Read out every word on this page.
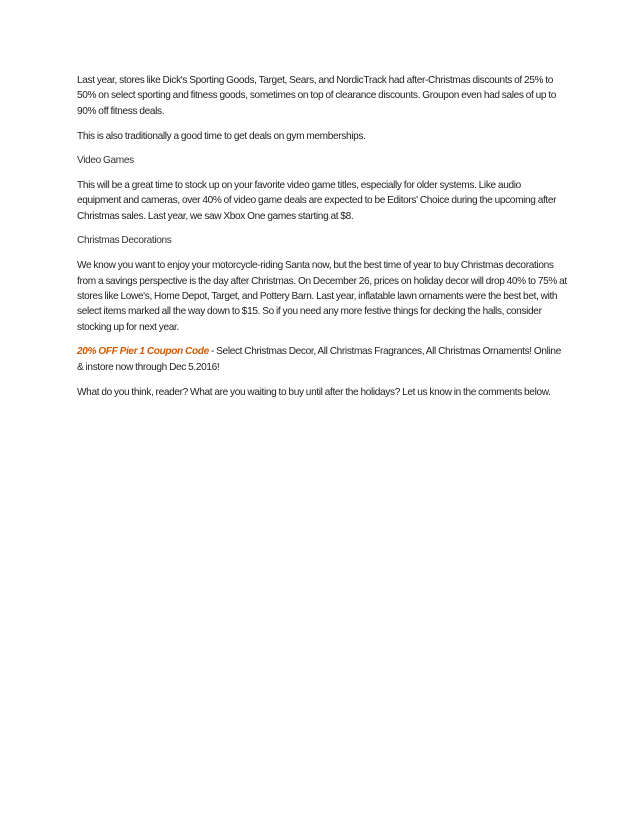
Last year, stores like Dick's Sporting Goods, Target, Sears, and NordicTrack had after-Christmas discounts of 25% to 50% on select sporting and fitness goods, sometimes on top of clearance discounts. Groupon even had sales of up to 90% off fitness deals.

This is also traditionally a good time to get deals on gym memberships.

Video Games

This will be a great time to stock up on your favorite video game titles, especially for older systems. Like audio equipment and cameras, over 40% of video game deals are expected to be Editors' Choice during the upcoming after Christmas sales. Last year, we saw Xbox One games starting at $8.

Christmas Decorations

We know you want to enjoy your motorcycle-riding Santa now, but the best time of year to buy Christmas decorations from a savings perspective is the day after Christmas. On December 26, prices on holiday decor will drop 40% to 75% at stores like Lowe's, Home Depot, Target, and Pottery Barn. Last year, inflatable lawn ornaments were the best bet, with select items marked all the way down to $15. So if you need any more festive things for decking the halls, consider stocking up for next year.

20% OFF Pier 1 Coupon Code - Select Christmas Decor, All Christmas Fragrances, All Christmas Ornaments! Online & instore now through Dec 5.2016!

What do you think, reader? What are you waiting to buy until after the holidays? Let us know in the comments below.
